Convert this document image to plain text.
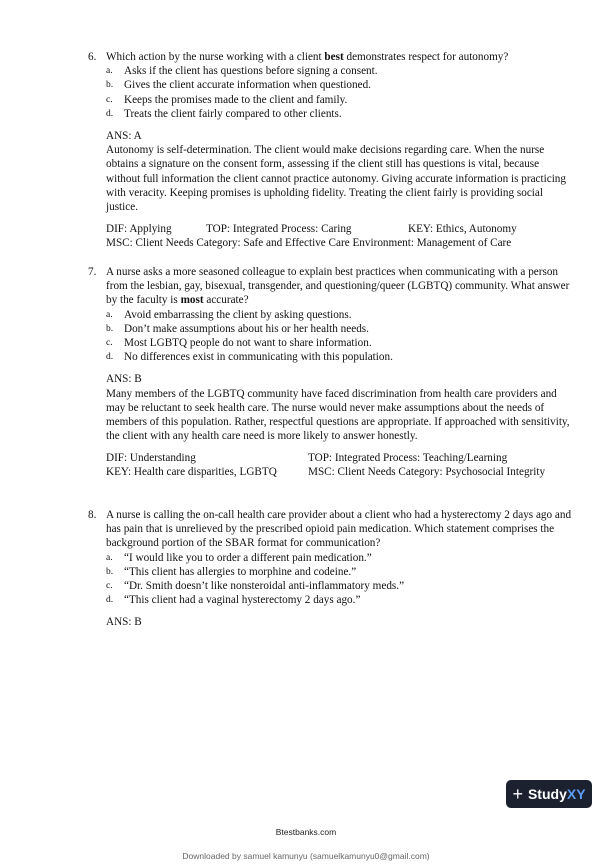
6. Which action by the nurse working with a client best demonstrates respect for autonomy?
a. Asks if the client has questions before signing a consent.
b. Gives the client accurate information when questioned.
c. Keeps the promises made to the client and family.
d. Treats the client fairly compared to other clients.
ANS: A
Autonomy is self-determination. The client would make decisions regarding care. When the nurse obtains a signature on the consent form, assessing if the client still has questions is vital, because without full information the client cannot practice autonomy. Giving accurate information is practicing with veracity. Keeping promises is upholding fidelity. Treating the client fairly is providing social justice.
DIF: Applying	TOP: Integrated Process: Caring	KEY: Ethics, Autonomy
MSC: Client Needs Category: Safe and Effective Care Environment: Management of Care
7. A nurse asks a more seasoned colleague to explain best practices when communicating with a person from the lesbian, gay, bisexual, transgender, and questioning/queer (LGBTQ) community. What answer by the faculty is most accurate?
a. Avoid embarrassing the client by asking questions.
b. Don’t make assumptions about his or her health needs.
c. Most LGBTQ people do not want to share information.
d. No differences exist in communicating with this population.
ANS: B
Many members of the LGBTQ community have faced discrimination from health care providers and may be reluctant to seek health care. The nurse would never make assumptions about the needs of members of this population. Rather, respectful questions are appropriate. If approached with sensitivity, the client with any health care need is more likely to answer honestly.
DIF: Understanding	TOP: Integrated Process: Teaching/Learning
KEY: Health care disparities, LGBTQ	MSC: Client Needs Category: Psychosocial Integrity
8. A nurse is calling the on-call health care provider about a client who had a hysterectomy 2 days ago and has pain that is unrelieved by the prescribed opioid pain medication. Which statement comprises the background portion of the SBAR format for communication?
a. “I would like you to order a different pain medication.”
b. “This client has allergies to morphine and codeine.”
c. “Dr. Smith doesn’t like nonsteroidal anti-inflammatory meds.”
d. “This client had a vaginal hysterectomy 2 days ago.”
ANS: B
+ Study XY
Btestbanks.com
Downloaded by samuel kamunyu (samuelkamunyu0@gmail.com)
